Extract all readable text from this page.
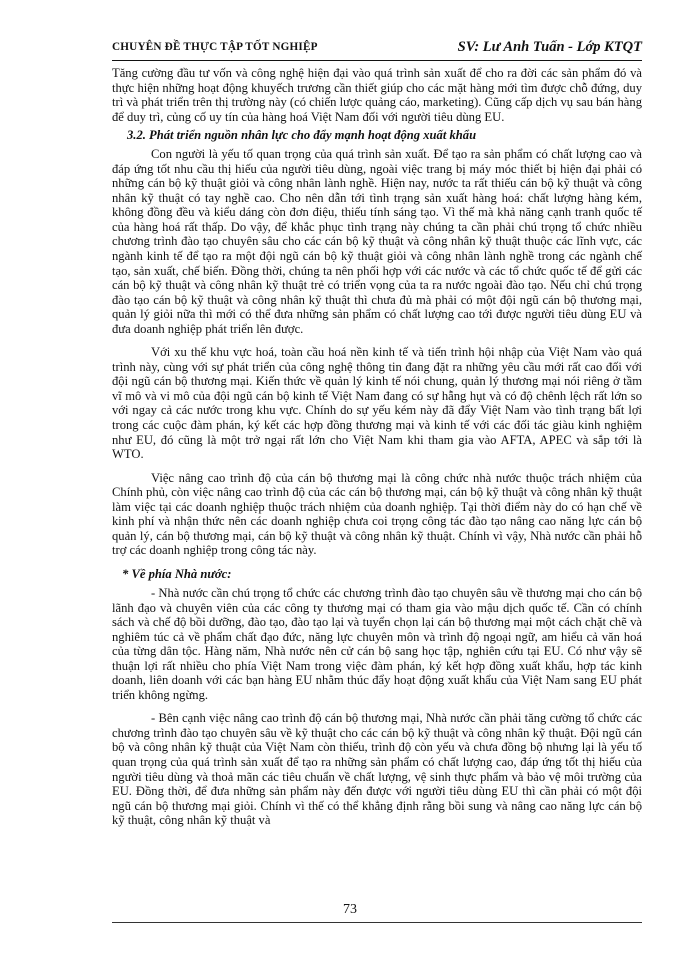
CHUYÊN ĐỀ THỰC TẬP TỐT NGHIỆP	SV: Lư Anh Tuấn - Lớp KTQT

Tăng cường đầu tư vốn và công nghệ hiện đại vào quá trình sản xuất để cho ra đời các sản phẩm đó và thực hiện những hoạt động khuyếch trương cần thiết giúp cho các mặt hàng mới tìm được chỗ đứng, duy trì và phát triển trên thị trường này (có chiến lược quảng cáo, marketing). Cũng cấp dịch vụ sau bán hàng để duy trì, củng cố uy tín của hàng hoá Việt Nam đối với người tiêu dùng EU.

3.2. Phát triển nguồn nhân lực cho đẩy mạnh hoạt động xuất khẩu

Con người là yếu tố quan trọng của quá trình sản xuất. Để tạo ra sản phẩm có chất lượng cao và đáp ứng tốt nhu cầu thị hiếu của người tiêu dùng, ngoài việc trang bị máy móc thiết bị hiện đại phải có những cán bộ kỹ thuật giỏi và công nhân lành nghề. Hiện nay, nước ta rất thiếu cán bộ kỹ thuật và công nhân kỹ thuật có tay nghề cao. Cho nên dẫn tới tình trạng sản xuất hàng hoá: chất lượng hàng kém, không đồng đều và kiểu dáng còn đơn điệu, thiếu tính sáng tạo. Vì thế mà khả năng cạnh tranh quốc tế của hàng hoá rất thấp. Do vậy, để khắc phục tình trạng này chúng ta cần phải chú trọng tổ chức nhiều chương trình đào tạo chuyên sâu cho các cán bộ kỹ thuật và công nhân kỹ thuật thuộc các lĩnh vực, các ngành kinh tế để tạo ra một đội ngũ cán bộ kỹ thuật giỏi và công nhân lành nghề trong các ngành chế tạo, sản xuất, chế biến. Đồng thời, chúng ta nên phối hợp với các nước và các tổ chức quốc tế để gửi các cán bộ kỹ thuật và công nhân kỹ thuật trẻ có triển vọng của ta ra nước ngoài đào tạo. Nếu chỉ chú trọng đào tạo cán bộ kỹ thuật và công nhân kỹ thuật thì chưa đủ mà phải có một đội ngũ cán bộ thương mại, quản lý giỏi nữa thì mới có thể đưa những sản phẩm có chất lượng cao tới được người tiêu dùng EU và đưa doanh nghiệp phát triển lên được.

Với xu thế khu vực hoá, toàn cầu hoá nền kinh tế và tiến trình hội nhập của Việt Nam vào quá trình này, cùng với sự phát triển của công nghệ thông tin đang đặt ra những yêu cầu mới rất cao đối với đội ngũ cán bộ thương mại. Kiến thức về quản lý kinh tế nói chung, quản lý thương mại nói riêng ở tầm vĩ mô và vi mô của đội ngũ cán bộ kinh tế Việt Nam đang có sự hẫng hụt và có độ chênh lệch rất lớn so với ngay cả các nước trong khu vực. Chính do sự yếu kém này đã đẩy Việt Nam vào tình trạng bất lợi trong các cuộc đàm phán, ký kết các hợp đồng thương mại và kinh tế với các đối tác giàu kinh nghiệm như EU, đó cũng là một trở ngại rất lớn cho Việt Nam khi tham gia vào AFTA, APEC và sắp tới là WTO.

Việc nâng cao trình độ của cán bộ thương mại là công chức nhà nước thuộc trách nhiệm của Chính phủ, còn việc nâng cao trình độ của các cán bộ thương mại, cán bộ kỹ thuật và công nhân kỹ thuật làm việc tại các doanh nghiệp thuộc trách nhiệm của doanh nghiệp. Tại thời điểm này do có hạn chế về kinh phí và nhận thức nên các doanh nghiệp chưa coi trọng công tác đào tạo nâng cao năng lực cán bộ quản lý, cán bộ thương mại, cán bộ kỹ thuật và công nhân kỹ thuật. Chính vì vậy, Nhà nước cần phải hỗ trợ các doanh nghiệp trong công tác này.

* Về phía Nhà nước:

- Nhà nước cần chú trọng tổ chức các chương trình đào tạo chuyên sâu về thương mại cho cán bộ lãnh đạo và chuyên viên của các công ty thương mại có tham gia vào mậu dịch quốc tế. Cần có chính sách và chế độ bồi dưỡng, đào tạo, đào tạo lại và tuyển chọn lại cán bộ thương mại một cách chặt chẽ và nghiêm túc cả về phẩm chất đạo đức, năng lực chuyên môn và trình độ ngoại ngữ, am hiểu cả văn hoá của từng dân tộc. Hàng năm, Nhà nước nên cử cán bộ sang học tập, nghiên cứu tại EU. Có như vậy sẽ thuận lợi rất nhiều cho phía Việt Nam trong việc đàm phán, ký kết hợp đồng xuất khẩu, hợp tác kinh doanh, liên doanh với các bạn hàng EU nhằm thúc đẩy hoạt động xuất khẩu của Việt Nam sang EU phát triển không ngừng.

- Bên cạnh việc nâng cao trình độ cán bộ thương mại, Nhà nước cần phải tăng cường tổ chức các chương trình đào tạo chuyên sâu về kỹ thuật cho các cán bộ kỹ thuật và công nhân kỹ thuật. Đội ngũ cán bộ và công nhân kỹ thuật của Việt Nam còn thiếu, trình độ còn yếu và chưa đồng bộ nhưng lại là yếu tố quan trọng của quá trình sản xuất để tạo ra những sản phẩm có chất lượng cao, đáp ứng tốt thị hiếu của người tiêu dùng và thoả mãn các tiêu chuẩn về chất lượng, vệ sinh thực phẩm và bảo vệ môi trường của EU. Đồng thời, để đưa những sản phẩm này đến được với người tiêu dùng EU thì cần phải có một đội ngũ cán bộ thương mại giỏi. Chính vì thế có thể khẳng định rằng bồi sung và nâng cao năng lực cán bộ kỹ thuật, công nhân kỹ thuật và

73
